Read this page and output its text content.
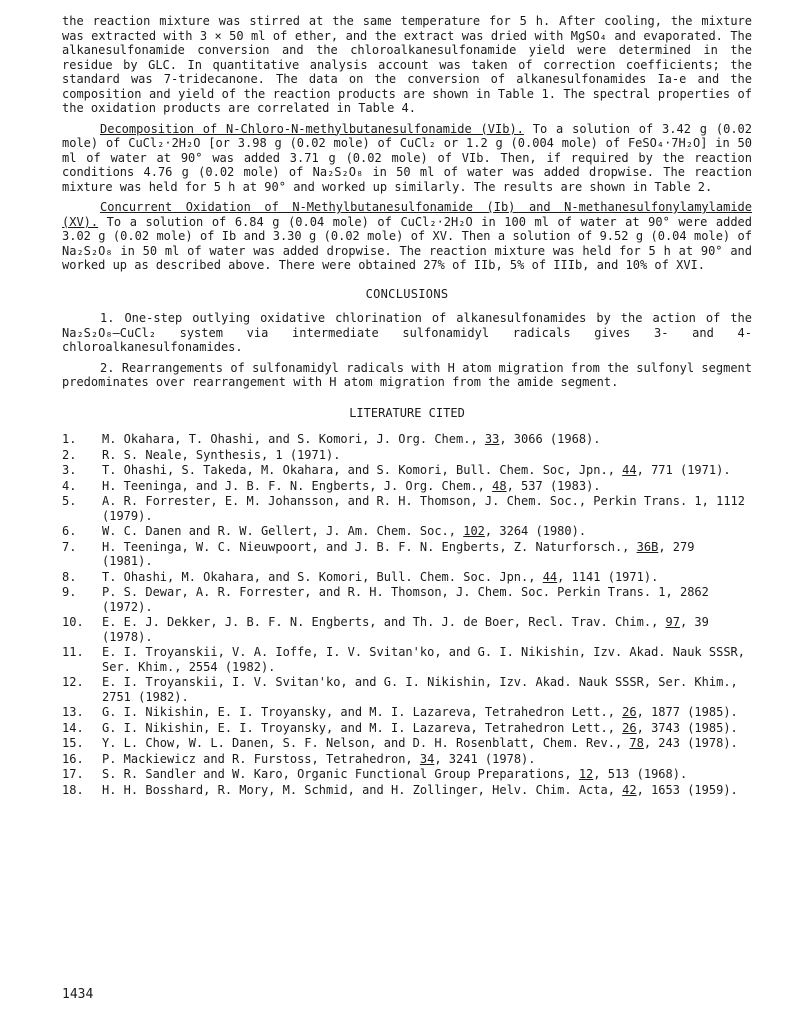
the reaction mixture was stirred at the same temperature for 5 h. After cooling, the mixture was extracted with 3 × 50 ml of ether, and the extract was dried with MgSO₄ and evaporated. The alkanesulfonamide conversion and the chloroalkanesulfonamide yield were determined in the residue by GLC. In quantitative analysis account was taken of correction coefficients; the standard was 7-tridecanone. The data on the conversion of alkanesulfonamides Ia-e and the composition and yield of the reaction products are shown in Table 1. The spectral properties of the oxidation products are correlated in Table 4.

Decomposition of N-Chloro-N-methylbutanesulfonamide (VIb). To a solution of 3.42 g (0.02 mole) of CuCl₂·2H₂O [or 3.98 g (0.02 mole) of CuCl₂ or 1.2 g (0.004 mole) of FeSO₄·7H₂O] in 50 ml of water at 90° was added 3.71 g (0.02 mole) of VIb. Then, if required by the reaction conditions 4.76 g (0.02 mole) of Na₂S₂O₈ in 50 ml of water was added dropwise. The reaction mixture was held for 5 h at 90° and worked up similarly. The results are shown in Table 2.

Concurrent Oxidation of N-Methylbutanesulfonamide (Ib) and N-methanesulfonylamylamide (XV). To a solution of 6.84 g (0.04 mole) of CuCl₂·2H₂O in 100 ml of water at 90° were added 3.02 g (0.02 mole) of Ib and 3.30 g (0.02 mole) of XV. Then a solution of 9.52 g (0.04 mole) of Na₂S₂O₈ in 50 ml of water was added dropwise. The reaction mixture was held for 5 h at 90° and worked up as described above. There were obtained 27% of IIb, 5% of IIIb, and 10% of XVI.

CONCLUSIONS

1. One-step outlying oxidative chlorination of alkanesulfonamides by the action of the Na₂S₂O₈–CuCl₂ system via intermediate sulfonamidyl radicals gives 3- and 4-chloroalkanesulfonamides.

2. Rearrangements of sulfonamidyl radicals with H atom migration from the sulfonyl segment predominates over rearrangement with H atom migration from the amide segment.

LITERATURE CITED
1.	M. Okahara, T. Ohashi, and S. Komori, J. Org. Chem., 33, 3066 (1968).
2.	R. S. Neale, Synthesis, 1 (1971).
3.	T. Ohashi, S. Takeda, M. Okahara, and S. Komori, Bull. Chem. Soc, Jpn., 44, 771 (1971).
4.	H. Teeninga, and J. B. F. N. Engberts, J. Org. Chem., 48, 537 (1983).
5.	A. R. Forrester, E. M. Johansson, and R. H. Thomson, J. Chem. Soc., Perkin Trans. 1, 1112 (1979).
6.	W. C. Danen and R. W. Gellert, J. Am. Chem. Soc., 102, 3264 (1980).
7.	H. Teeninga, W. C. Nieuwpoort, and J. B. F. N. Engberts, Z. Naturforsch., 36B, 279 (1981).
8.	T. Ohashi, M. Okahara, and S. Komori, Bull. Chem. Soc. Jpn., 44, 1141 (1971).
9.	P. S. Dewar, A. R. Forrester, and R. H. Thomson, J. Chem. Soc. Perkin Trans. 1, 2862 (1972).
10.	E. E. J. Dekker, J. B. F. N. Engberts, and Th. J. de Boer, Recl. Trav. Chim., 97, 39 (1978).
11.	E. I. Troyanskii, V. A. Ioffe, I. V. Svitan'ko, and G. I. Nikishin, Izv. Akad. Nauk SSSR, Ser. Khim., 2554 (1982).
12.	E. I. Troyanskii, I. V. Svitan'ko, and G. I. Nikishin, Izv. Akad. Nauk SSSR, Ser. Khim., 2751 (1982).
13.	G. I. Nikishin, E. I. Troyansky, and M. I. Lazareva, Tetrahedron Lett., 26, 1877 (1985).
14.	G. I. Nikishin, E. I. Troyansky, and M. I. Lazareva, Tetrahedron Lett., 26, 3743 (1985).
15.	Y. L. Chow, W. L. Danen, S. F. Nelson, and D. H. Rosenblatt, Chem. Rev., 78, 243 (1978).
16.	P. Mackiewicz and R. Furstoss, Tetrahedron, 34, 3241 (1978).
17.	S. R. Sandler and W. Karo, Organic Functional Group Preparations, 12, 513 (1968).
18.	H. H. Bosshard, R. Mory, M. Schmid, and H. Zollinger, Helv. Chim. Acta, 42, 1653 (1959).
1434
